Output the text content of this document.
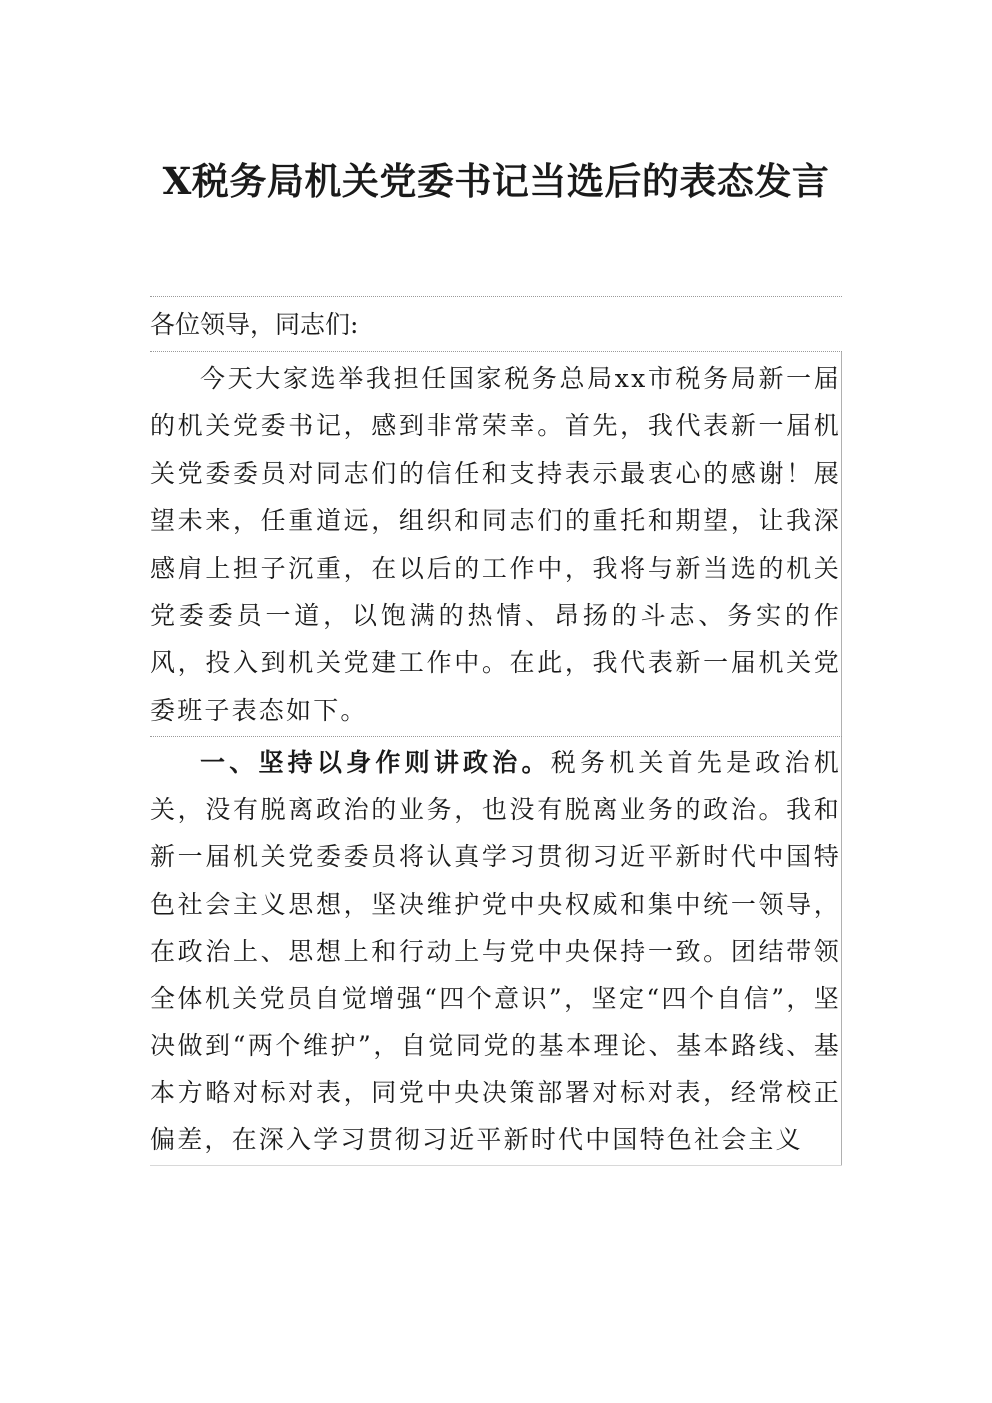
X税务局机关党委书记当选后的表态发言

各位领导，同志们:

今天大家选举我担任国家税务总局xx市税务局新一届的机关党委书记，感到非常荣幸。首先，我代表新一届机关党委委员对同志们的信任和支持表示最衷心的感谢！展望未来，任重道远，组织和同志们的重托和期望，让我深感肩上担子沉重，在以后的工作中，我将与新当选的机关党委委员一道，以饱满的热情、昂扬的斗志、务实的作风，投入到机关党建工作中。在此，我代表新一届机关党委班子表态如下。

一、坚持以身作则讲政治。税务机关首先是政治机关，没有脱离政治的业务，也没有脱离业务的政治。我和新一届机关党委委员将认真学习贯彻习近平新时代中国特色社会主义思想，坚决维护党中央权威和集中统一领导，在政治上、思想上和行动上与党中央保持一致。团结带领全体机关党员自觉增强“四个意识”，坚定“四个自信”，坚决做到“两个维护”，自觉同党的基本理论、基本路线、基本方略对标对表，同党中央决策部署对标对表，经常校正偏差，在深入学习贯彻习近平新时代中国特色社会主义
